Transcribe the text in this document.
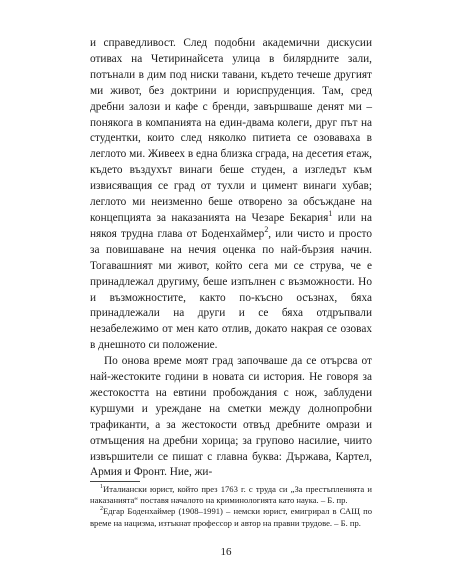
и справедливост. След подобни академични дискусии отивах на Четиринайсета улица в билярдните зали, потънали в дим под ниски тавани, където течеше другият ми живот, без доктрини и юриспруденция. Там, сред дребни залози и кафе с бренди, завършваше денят ми – понякога в компанията на един-двама колеги, друг път на студентки, които след няколко питиета се озоваваха в леглото ми. Живеех в една близка сграда, на десетия етаж, където въздухът винаги беше студен, а изгледът към извисяващия се град от тухли и цимент винаги хубав; леглото ми неизменно беше отворено за обсъждане на концепцията за наказанията на Чезаре Бекария$^1$ или на някоя трудна глава от Боденхаймер$^2$, или чисто и просто за повишаване на нечия оценка по най-бързия начин. Тогавашният ми живот, който сега ми се струва, че е принадлежал другиму, беше изпълнен с възможности. Но и възможностите, както по-късно осъзнах, бяха принадлежали на други и се бяха отдръпвали незабележимо от мен като отлив, докато накрая се озовах в днешното си положение.

По онова време моят град започваше да се отърсва от най-жестоките години в новата си история. Не говоря за жестокостта на евтини пробождания с нож, заблудени куршуми и уреждане на сметки между долнопробни трафиканти, а за жестокости отвъд дребните омрази и отмъщения на дребни хорица; за групово насилие, чиито извършители се пишат с главна буква: Държава, Картел, Армия и Фронт. Ние, жи-

$^1$Италиански юрист, който през 1763 г. с труда си „За престъпленията и наказанията“ поставя началото на криминологията като наука. – Б. пр.

$^2$Едгар Боденхаймер (1908–1991) – немски юрист, емигрирал в САЩ по време на нацизма, изтъкнат профессор и автор на правни трудове. – Б. пр.

16
